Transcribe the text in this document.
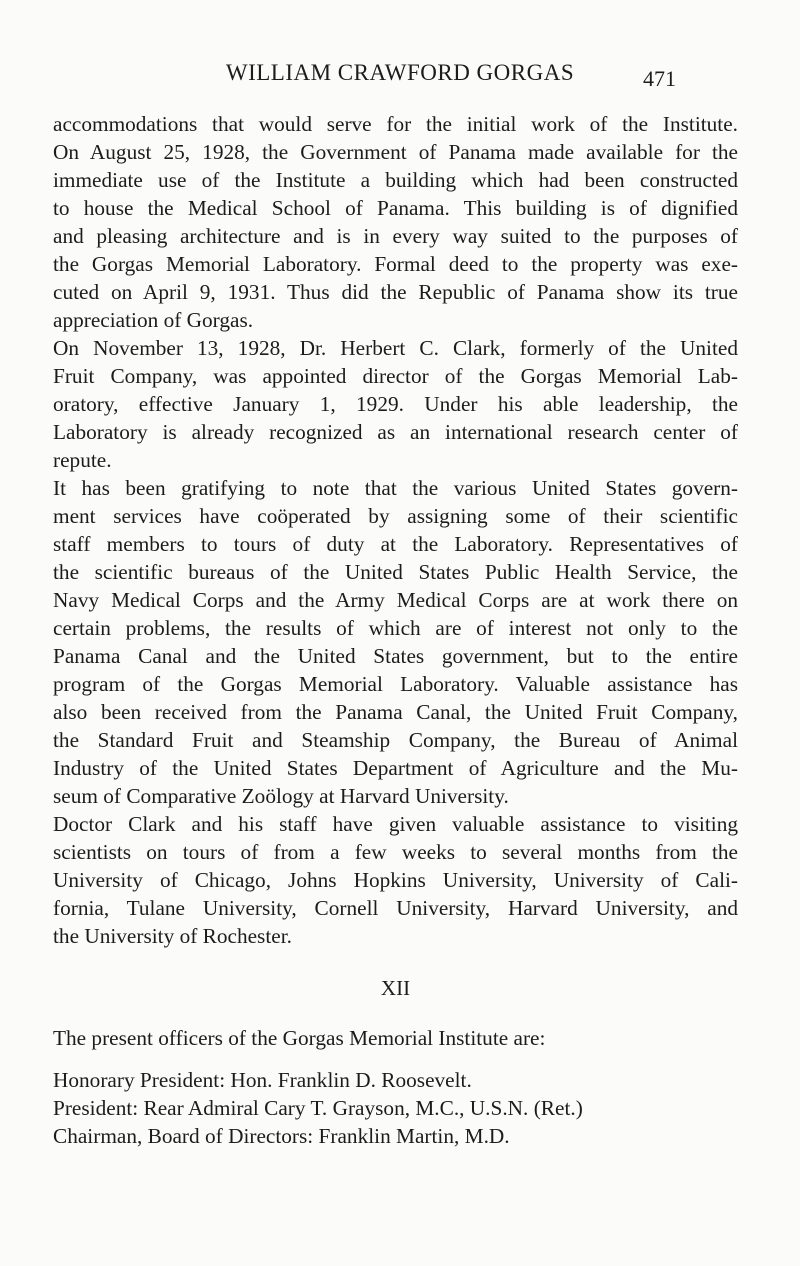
WILLIAM CRAWFORD GORGAS	471

accommodations that would serve for the initial work of the Institute.
On August 25, 1928, the Government of Panama made available for the
immediate use of the Institute a building which had been constructed
to house the Medical School of Panama. This building is of dignified
and pleasing architecture and is in every way suited to the purposes of
the Gorgas Memorial Laboratory. Formal deed to the property was exe-
cuted on April 9, 1931. Thus did the Republic of Panama show its true
appreciation of Gorgas.

On November 13, 1928, Dr. Herbert C. Clark, formerly of the United
Fruit Company, was appointed director of the Gorgas Memorial Lab-
oratory, effective January 1, 1929. Under his able leadership, the
Laboratory is already recognized as an international research center of
repute.

It has been gratifying to note that the various United States govern-
ment services have coöperated by assigning some of their scientific
staff members to tours of duty at the Laboratory. Representatives of
the scientific bureaus of the United States Public Health Service, the
Navy Medical Corps and the Army Medical Corps are at work there on
certain problems, the results of which are of interest not only to the
Panama Canal and the United States government, but to the entire
program of the Gorgas Memorial Laboratory. Valuable assistance has
also been received from the Panama Canal, the United Fruit Company,
the Standard Fruit and Steamship Company, the Bureau of Animal
Industry of the United States Department of Agriculture and the Mu-
seum of Comparative Zoölogy at Harvard University.

Doctor Clark and his staff have given valuable assistance to visiting
scientists on tours of from a few weeks to several months from the
University of Chicago, Johns Hopkins University, University of Cali-
fornia, Tulane University, Cornell University, Harvard University, and
the University of Rochester.

XII

The present officers of the Gorgas Memorial Institute are:

Honorary President: Hon. Franklin D. Roosevelt.

President: Rear Admiral Cary T. Grayson, M.C., U.S.N. (Ret.)

Chairman, Board of Directors: Franklin Martin, M.D.
